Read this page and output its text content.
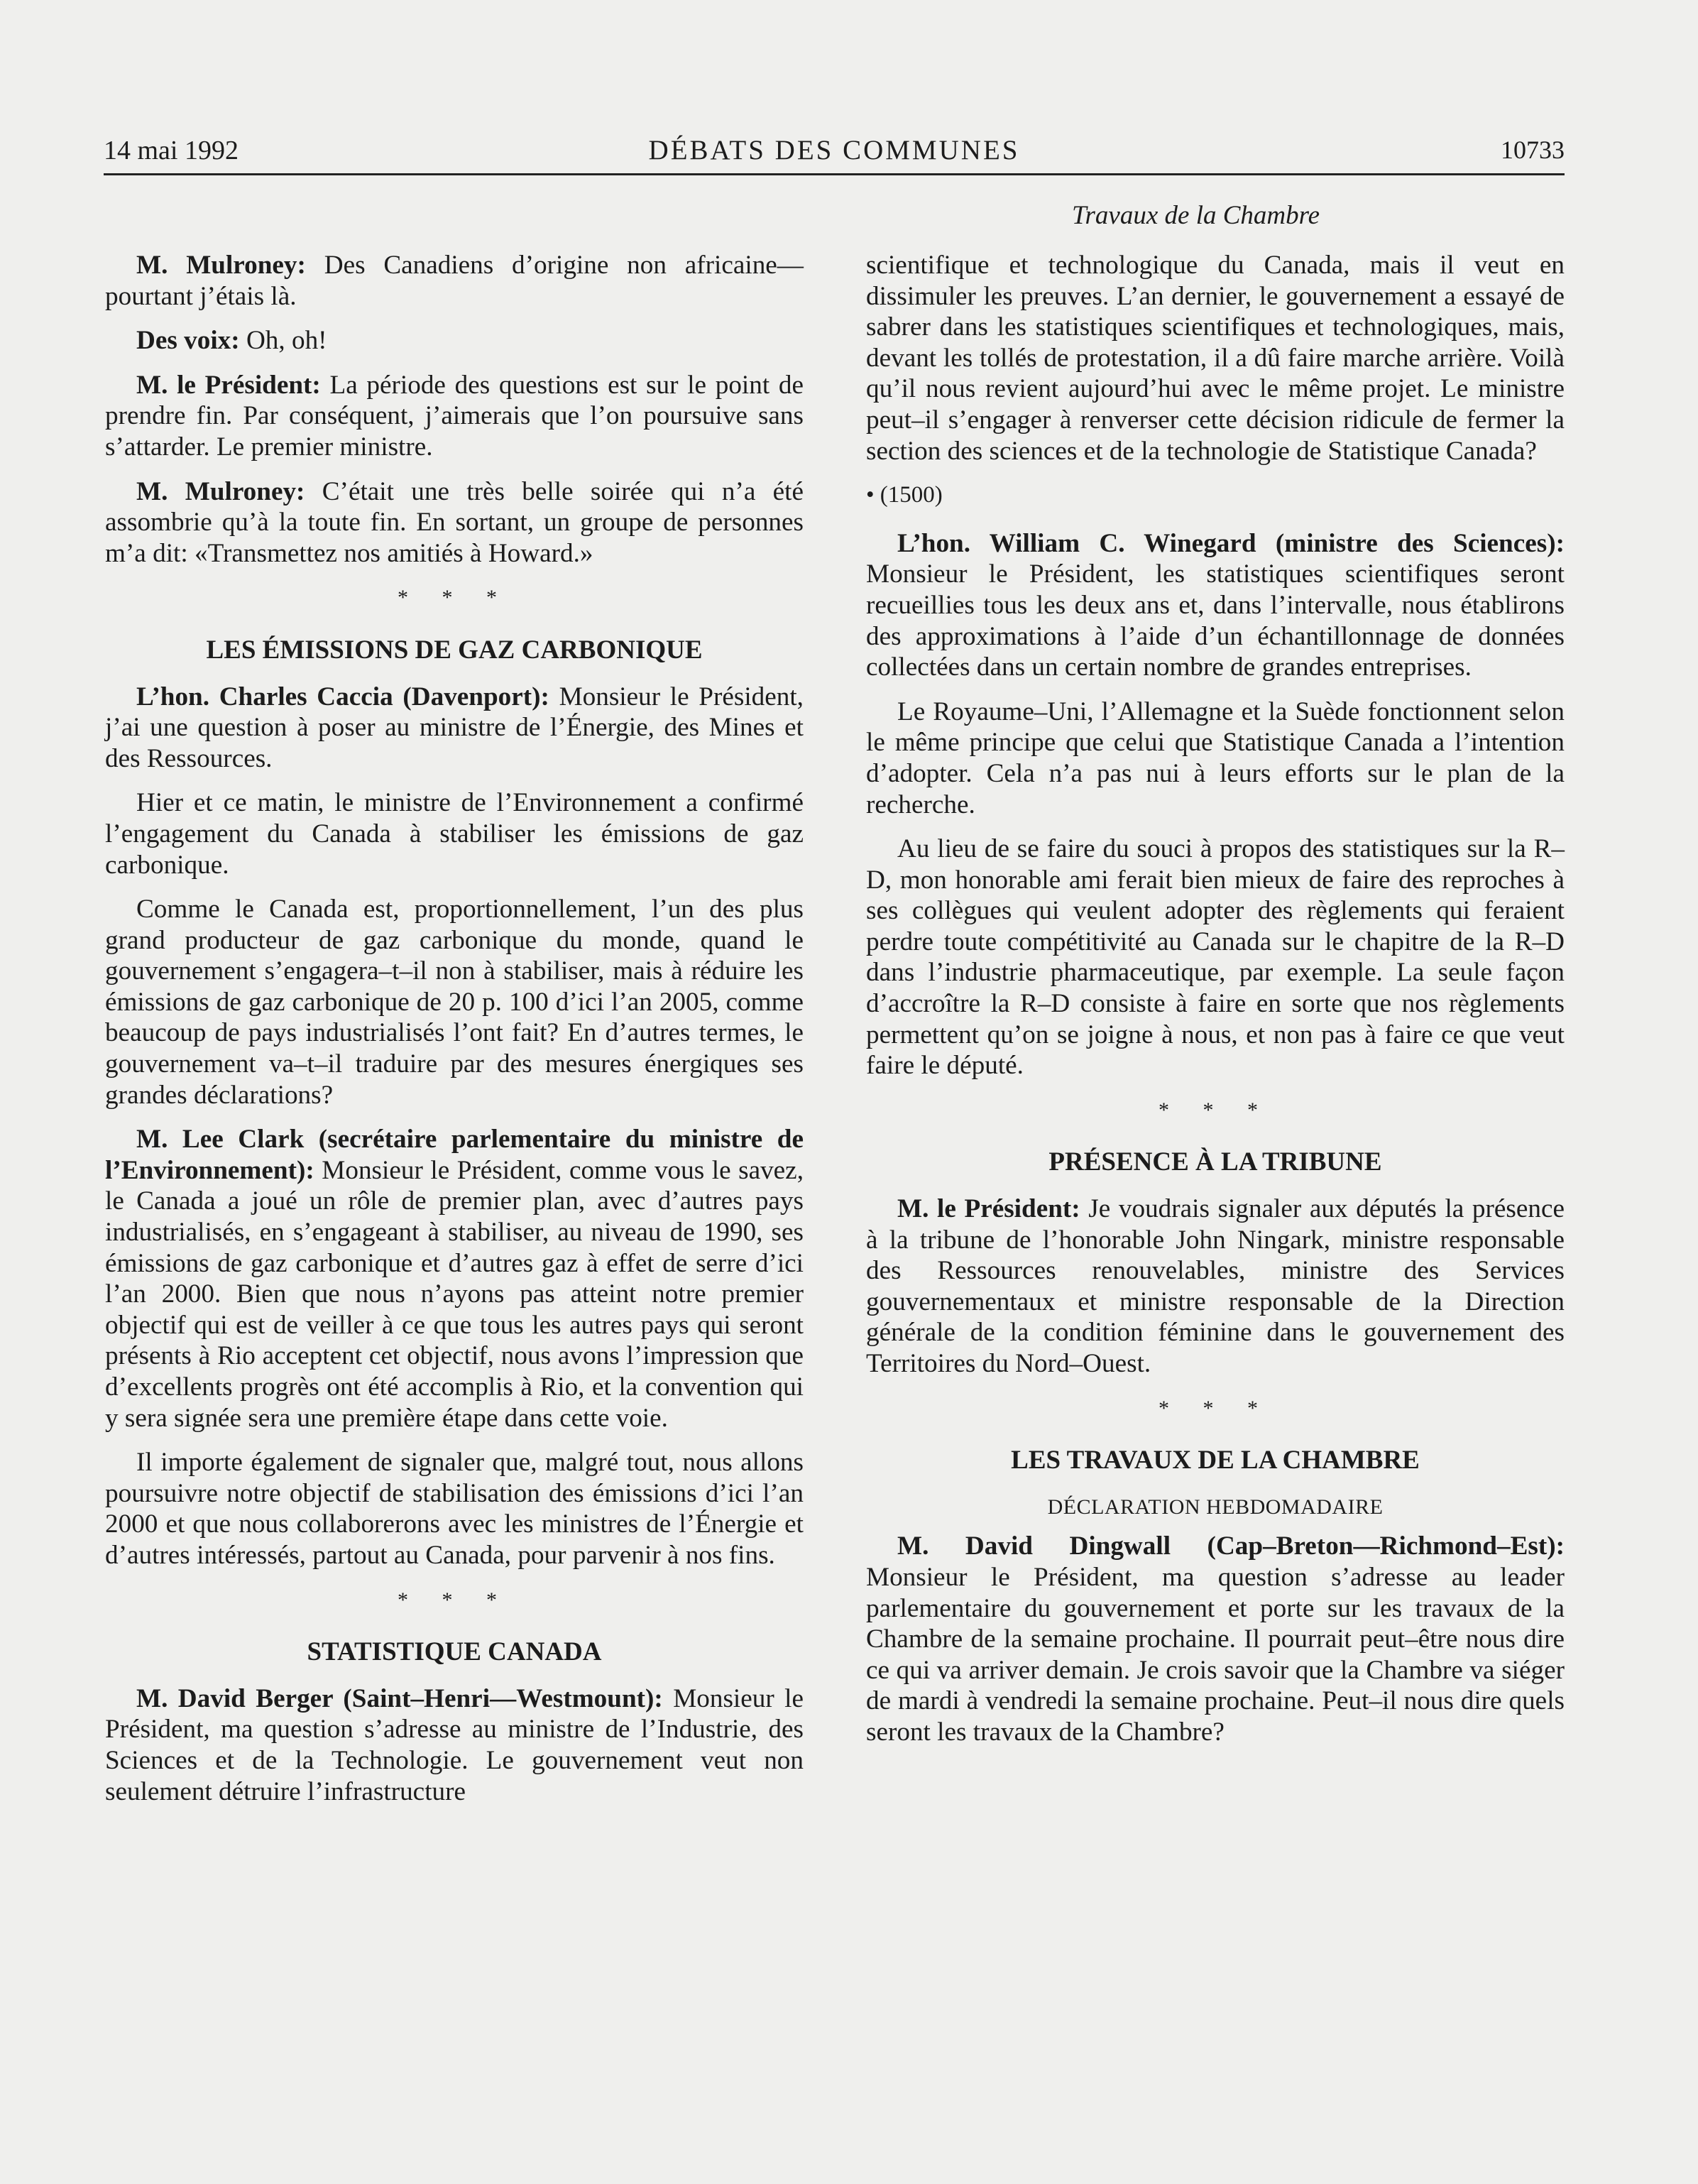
14 mai 1992	DÉBATS DES COMMUNES	10733
Travaux de la Chambre

M. Mulroney: Des Canadiens d’origine non africaine—pourtant j’étais là.

Des voix: Oh, oh!

M. le Président: La période des questions est sur le point de prendre fin. Par conséquent, j’aimerais que l’on poursuive sans s’attarder. Le premier ministre.

M. Mulroney: C’était une très belle soirée qui n’a été assombrie qu’à la toute fin. En sortant, un groupe de personnes m’a dit: «Transmettez nos amitiés à Howard.»

* * *
LES ÉMISSIONS DE GAZ CARBONIQUE

L’hon. Charles Caccia (Davenport): Monsieur le Président, j’ai une question à poser au ministre de l’Énergie, des Mines et des Ressources.

Hier et ce matin, le ministre de l’Environnement a confirmé l’engagement du Canada à stabiliser les émissions de gaz carbonique.

Comme le Canada est, proportionnellement, l’un des plus grand producteur de gaz carbonique du monde, quand le gouvernement s’engagera–t–il non à stabiliser, mais à réduire les émissions de gaz carbonique de 20 p. 100 d’ici l’an 2005, comme beaucoup de pays industrialisés l’ont fait? En d’autres termes, le gouvernement va–t–il traduire par des mesures énergiques ses grandes déclarations?

M. Lee Clark (secrétaire parlementaire du ministre de l’Environnement): Monsieur le Président, comme vous le savez, le Canada a joué un rôle de premier plan, avec d’autres pays industrialisés, en s’engageant à stabiliser, au niveau de 1990, ses émissions de gaz carbonique et d’autres gaz à effet de serre d’ici l’an 2000. Bien que nous n’ayons pas atteint notre premier objectif qui est de veiller à ce que tous les autres pays qui seront présents à Rio acceptent cet objectif, nous avons l’impression que d’excellents progrès ont été accomplis à Rio, et la convention qui y sera signée sera une première étape dans cette voie.

Il importe également de signaler que, malgré tout, nous allons poursuivre notre objectif de stabilisation des émissions d’ici l’an 2000 et que nous collaborerons avec les ministres de l’Énergie et d’autres intéressés, partout au Canada, pour parvenir à nos fins.

* * *
STATISTIQUE CANADA

M. David Berger (Saint–Henri—Westmount): Monsieur le Président, ma question s’adresse au ministre de l’Industrie, des Sciences et de la Technologie. Le gouvernement veut non seulement détruire l’infrastructure

scientifique et technologique du Canada, mais il veut en dissimuler les preuves. L’an dernier, le gouvernement a essayé de sabrer dans les statistiques scientifiques et technologiques, mais, devant les tollés de protestation, il a dû faire marche arrière. Voilà qu’il nous revient aujourd’hui avec le même projet. Le ministre peut–il s’engager à renverser cette décision ridicule de fermer la section des sciences et de la technologie de Statistique Canada?

• (1500)

L’hon. William C. Winegard (ministre des Sciences): Monsieur le Président, les statistiques scientifiques seront recueillies tous les deux ans et, dans l’intervalle, nous établirons des approximations à l’aide d’un échantillonnage de données collectées dans un certain nombre de grandes entreprises.

Le Royaume–Uni, l’Allemagne et la Suède fonctionnent selon le même principe que celui que Statistique Canada a l’intention d’adopter. Cela n’a pas nui à leurs efforts sur le plan de la recherche.

Au lieu de se faire du souci à propos des statistiques sur la R–D, mon honorable ami ferait bien mieux de faire des reproches à ses collègues qui veulent adopter des règlements qui feraient perdre toute compétitivité au Canada sur le chapitre de la R–D dans l’industrie pharmaceutique, par exemple. La seule façon d’accroître la R–D consiste à faire en sorte que nos règlements permettent qu’on se joigne à nous, et non pas à faire ce que veut faire le député.

* * *
PRÉSENCE À LA TRIBUNE

M. le Président: Je voudrais signaler aux députés la présence à la tribune de l’honorable John Ningark, ministre responsable des Ressources renouvelables, ministre des Services gouvernementaux et ministre responsable de la Direction générale de la condition féminine dans le gouvernement des Territoires du Nord–Ouest.

* * *
LES TRAVAUX DE LA CHAMBRE
DÉCLARATION HEBDOMADAIRE

M. David Dingwall (Cap–Breton—Richmond–Est): Monsieur le Président, ma question s’adresse au leader parlementaire du gouvernement et porte sur les travaux de la Chambre de la semaine prochaine. Il pourrait peut–être nous dire ce qui va arriver demain. Je crois savoir que la Chambre va siéger de mardi à vendredi la semaine prochaine. Peut–il nous dire quels seront les travaux de la Chambre?
